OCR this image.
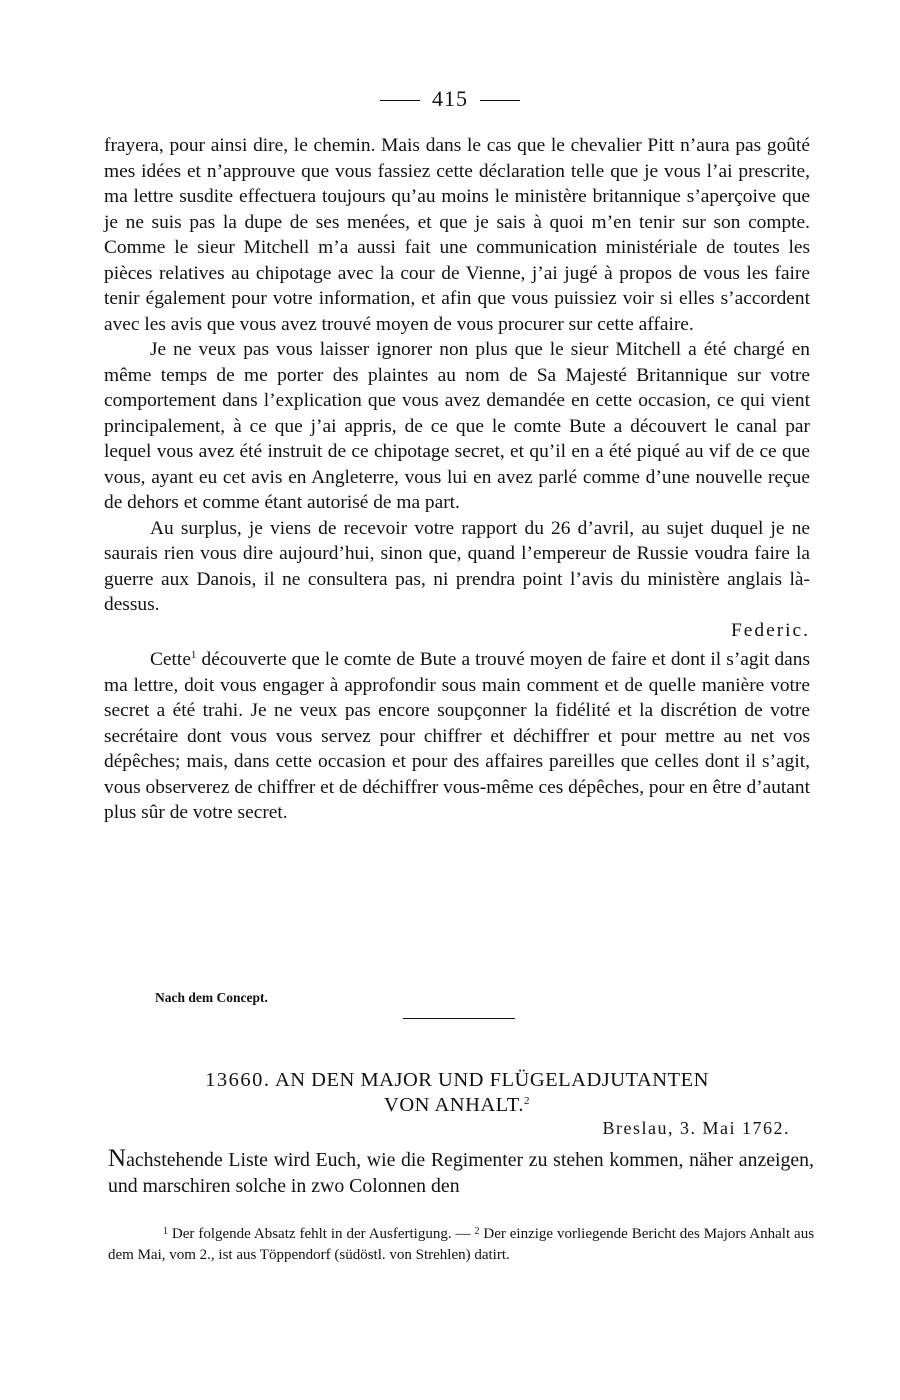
415

frayera, pour ainsi dire, le chemin. Mais dans le cas que le chevalier Pitt n’aura pas goûté mes idées et n’approuve que vous fassiez cette déclaration telle que je vous l’ai prescrite, ma lettre susdite effectuera toujours qu’au moins le ministère britannique s’aperçoive que je ne suis pas la dupe de ses menées, et que je sais à quoi m’en tenir sur son compte. Comme le sieur Mitchell m’a aussi fait une communication ministériale de toutes les pièces relatives au chipotage avec la cour de Vienne, j’ai jugé à propos de vous les faire tenir également pour votre information, et afin que vous puissiez voir si elles s’accordent avec les avis que vous avez trouvé moyen de vous procurer sur cette affaire.

Je ne veux pas vous laisser ignorer non plus que le sieur Mitchell a été chargé en même temps de me porter des plaintes au nom de Sa Majesté Britannique sur votre comportement dans l’explication que vous avez demandée en cette occasion, ce qui vient principalement, à ce que j’ai appris, de ce que le comte Bute a découvert le canal par lequel vous avez été instruit de ce chipotage secret, et qu’il en a été piqué au vif de ce que vous, ayant eu cet avis en Angleterre, vous lui en avez parlé comme d’une nouvelle reçue de dehors et comme étant autorisé de ma part.

Au surplus, je viens de recevoir votre rapport du 26 d’avril, au sujet duquel je ne saurais rien vous dire aujourd’hui, sinon que, quand l’empereur de Russie voudra faire la guerre aux Danois, il ne consultera pas, ni prendra point l’avis du ministère anglais là-dessus.

Federic.

Cette$^1$ découverte que le comte de Bute a trouvé moyen de faire et dont il s’agit dans ma lettre, doit vous engager à approfondir sous main comment et de quelle manière votre secret a été trahi. Je ne veux pas encore soupçonner la fidélité et la discrétion de votre secrétaire dont vous vous servez pour chiffrer et déchiffrer et pour mettre au net vos dépêches; mais, dans cette occasion et pour des affaires pareilles que celles dont il s’agit, vous observerez de chiffrer et de déchiffrer vous-même ces dépêches, pour en être d’autant plus sûr de votre secret.

Nach dem Concept.
13660. AN DEN MAJOR UND FLÜGELADJUTANTEN
VON ANHALT.$^2$
Breslau, 3. Mai 1762.

Nachstehende Liste wird Euch, wie die Regimenter zu stehen kommen, näher anzeigen, und marschiren solche in zwo Colonnen den

$^1$ Der folgende Absatz fehlt in der Ausfertigung. — $^2$ Der einzige vorliegende Bericht des Majors Anhalt aus dem Mai, vom 2., ist aus Töppendorf (südöstl. von Strehlen) datirt.
